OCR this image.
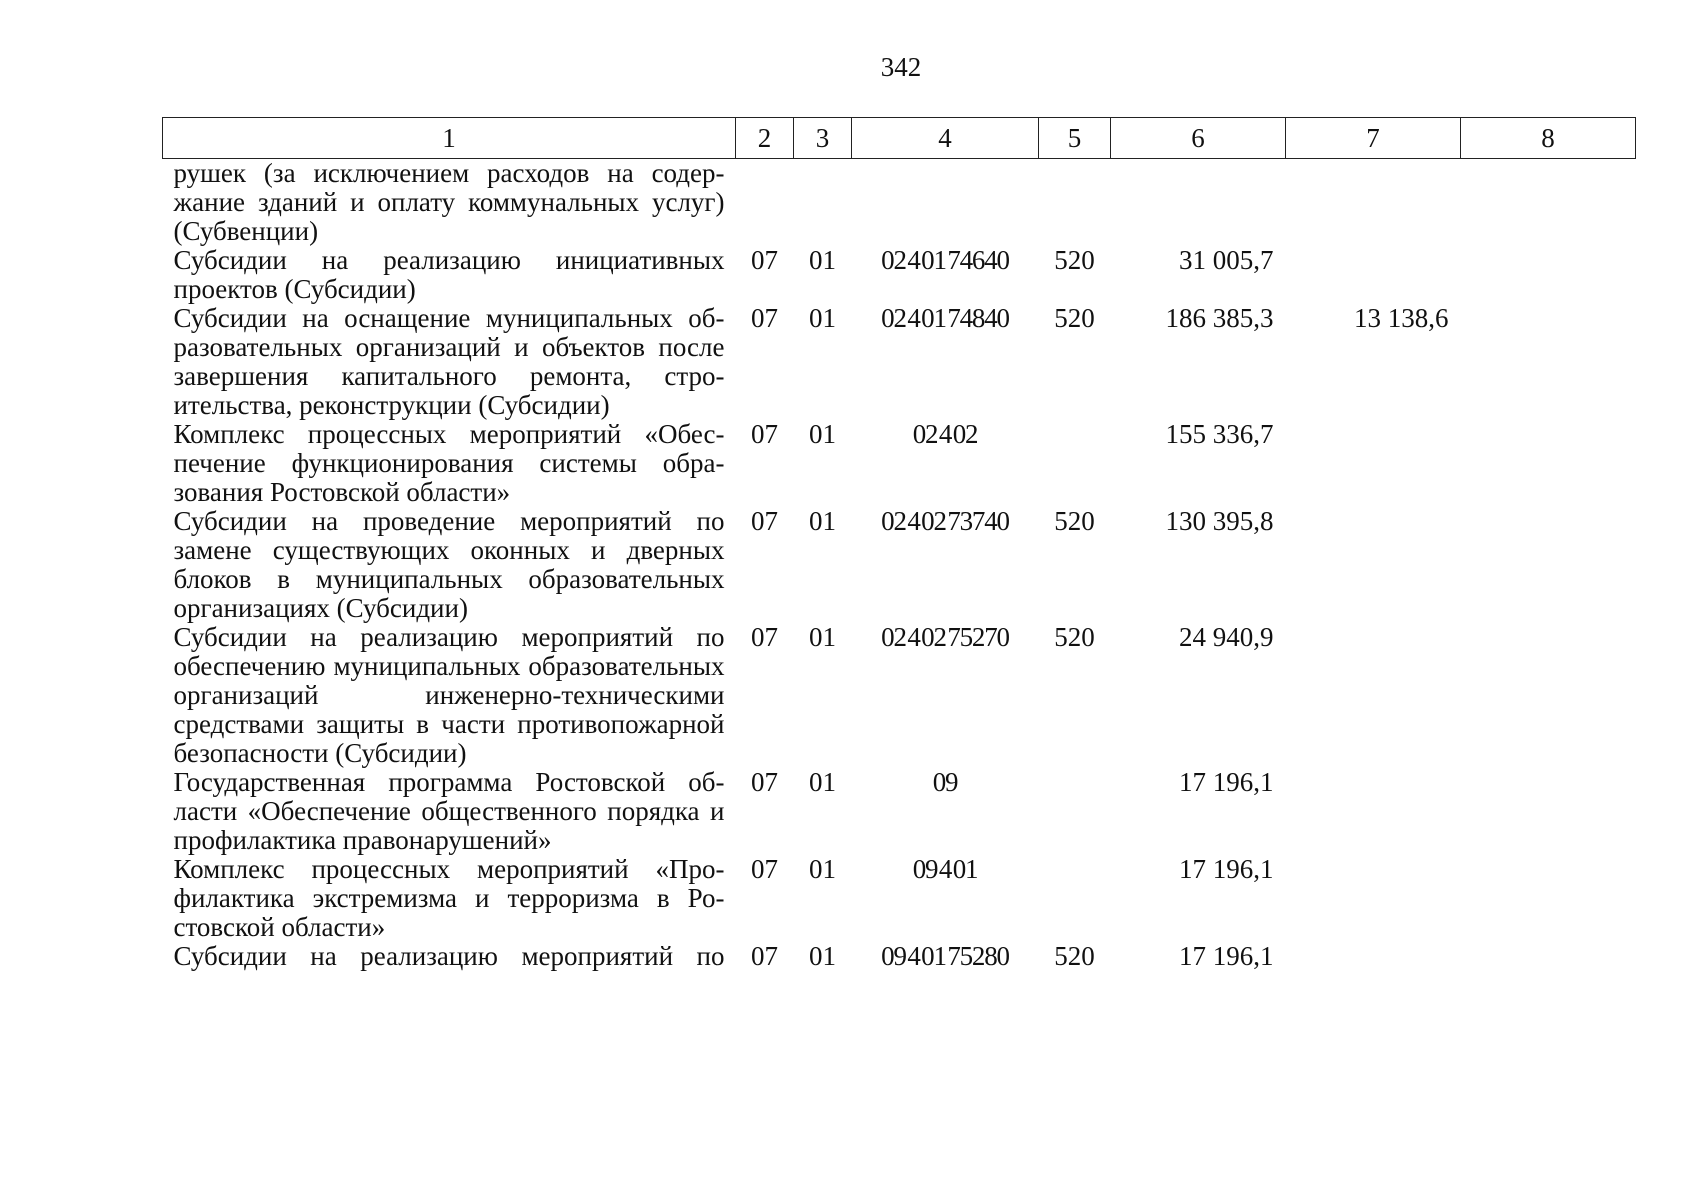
342
1	2	3	4	5	6	7	8
рушек (за исключением расходов на содержание зданий и оплату коммунальных услуг) (Субвенции)							
Субсидии на реализацию инициативных проектов (Субсидии)	07	01	02 4 01 74640	520	31 005,7		
Субсидии на оснащение муниципальных образовательных организаций и объектов после завершения капитального ремонта, строительства, реконструкции (Субсидии)	07	01	02 4 01 74840	520	186 385,3	13 138,6	
Комплекс процессных мероприятий «Обеспечение функционирования системы образования Ростовской области»	07	01	02 4 02		155 336,7		
Субсидии на проведение мероприятий по замене существующих оконных и дверных блоков в муниципальных образовательных организациях (Субсидии)	07	01	02 4 02 73740	520	130 395,8		
Субсидии на реализацию мероприятий по обеспечению муниципальных образовательных организаций инженерно-техническими средствами защиты в части противопожарной безопасности (Субсидии)	07	01	02 4 02 75270	520	24 940,9		
Государственная программа Ростовской области «Обеспечение общественного порядка и профилактика правонарушений»	07	01	09		17 196,1		
Комплекс процессных мероприятий «Профилактика экстремизма и терроризма в Ростовской области»	07	01	09 4 01		17 196,1		
Субсидии на реализацию мероприятий по	07	01	09 4 01 75280	520	17 196,1		
